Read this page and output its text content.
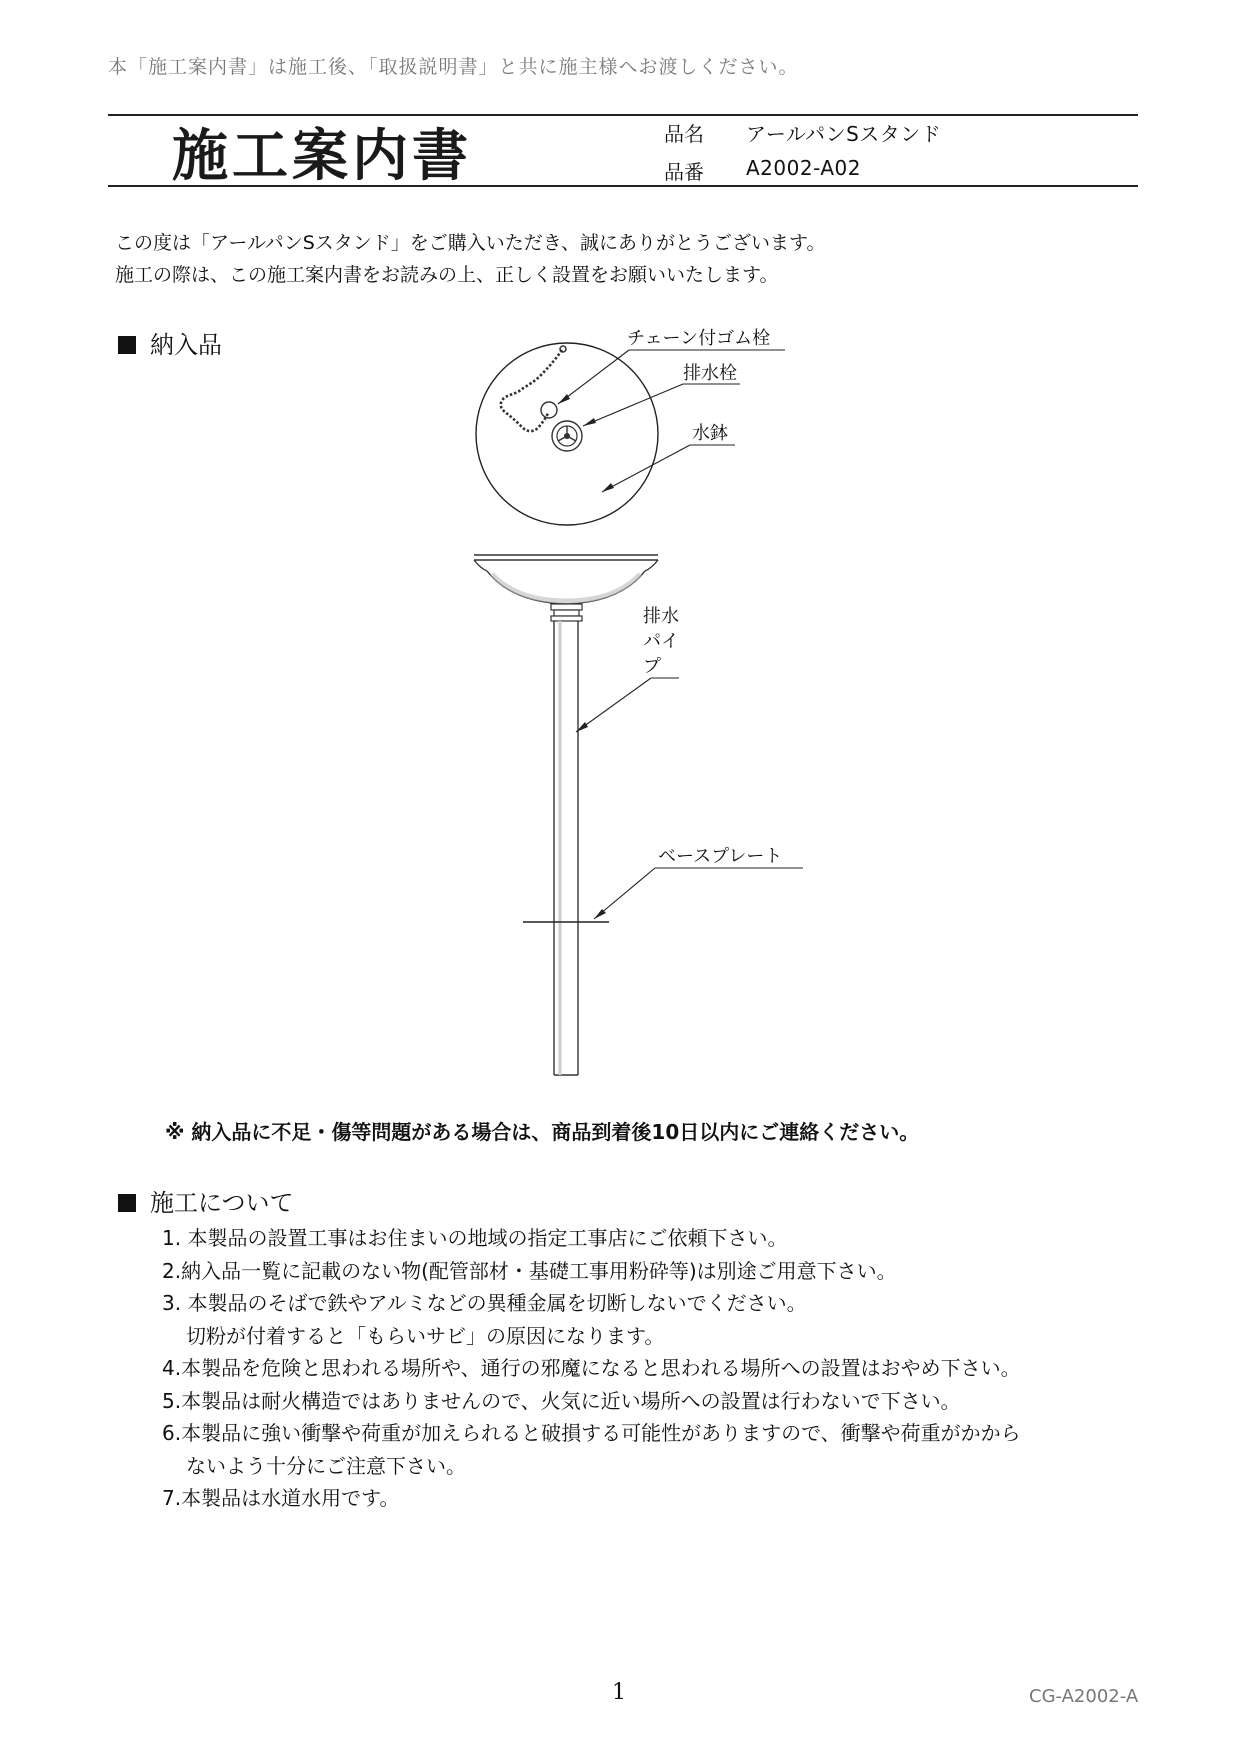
本「施工案内書」は施工後、「取扱説明書」と共に施主様へお渡しください。
施工案内書	品名 アールパンSスタンド
品番 A2002-A02
この度は「アールパンSスタンド」をご購入いただき、誠にありがとうございます。
施工の際は、この施工案内書をお読みの上、正しく設置をお願いいたします。
納入品	チェーン付ゴム栓
排水栓
水鉢
排水
パイ
プ
ベースプレート
※ 納入品に不足・傷等問題がある場合は、商品到着後10日以内にご連絡ください。
施工について
1. 本製品の設置工事はお住まいの地域の指定工事店にご依頼下さい。
2.納入品一覧に記載のない物(配管部材・基礎工事用粉砕等)は別途ご用意下さい。
3. 本製品のそばで鉄やアルミなどの異種金属を切断しないでください。
切粉が付着すると「もらいサビ」の原因になります。
4.本製品を危険と思われる場所や、通行の邪魔になると思われる場所への設置はおやめ下さい。
5.本製品は耐火構造ではありませんので、火気に近い場所への設置は行わないで下さい。
6.本製品に強い衝撃や荷重が加えられると破損する可能性がありますので、衝撃や荷重がかから
ないよう十分にご注意下さい。
7.本製品は水道水用です。
1	CG-A2002-A
